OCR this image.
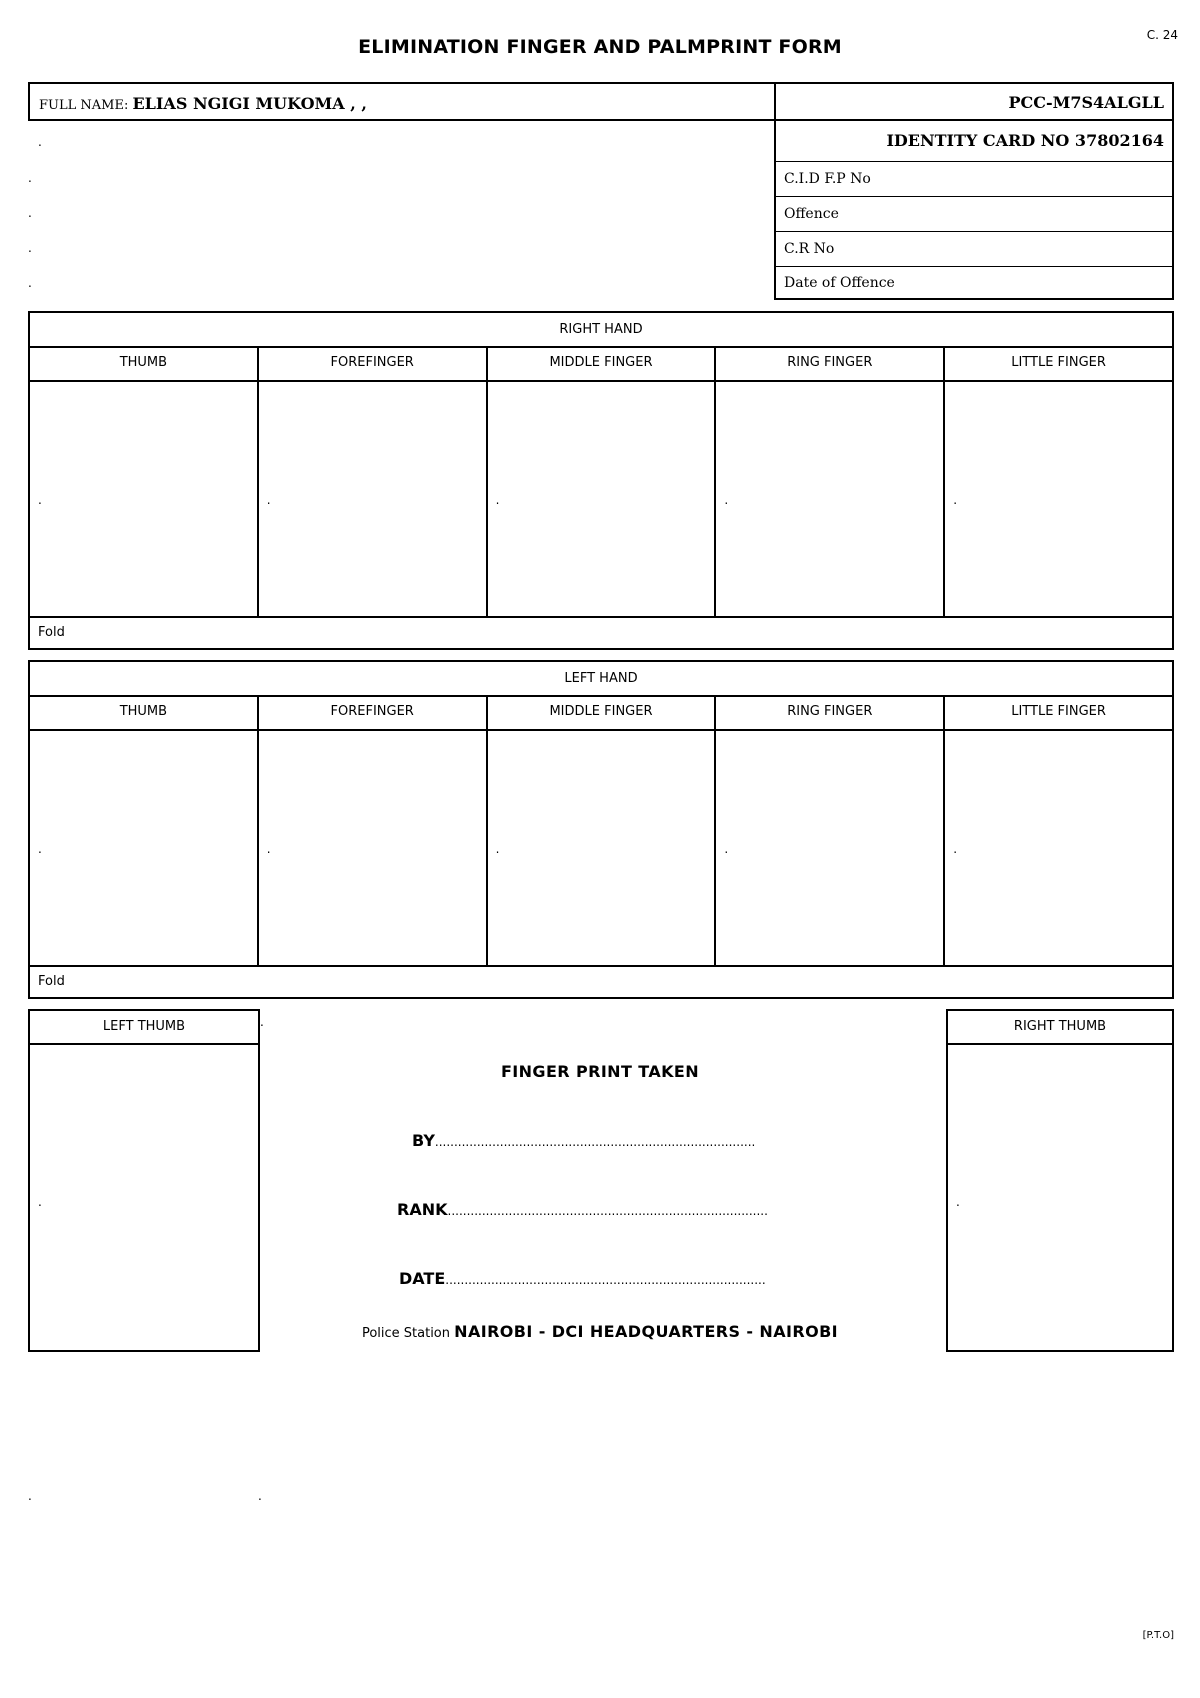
C. 24
ELIMINATION FINGER AND PALMPRINT FORM
FULL NAME: ELIAS NGIGI MUKOMA , ,	PCC-M7S4ALGLL
.
.
.
.
.
IDENTITY CARD NO 37802164
C.I.D F.P No
Offence
C.R No
Date of Offence
RIGHT HAND
THUMB	FOREFINGER	MIDDLE FINGER	RING FINGER	LITTLE FINGER
.	.	.	.	.
Fold
LEFT HAND
THUMB	FOREFINGER	MIDDLE FINGER	RING FINGER	LITTLE FINGER
.	.	.	.	.
Fold
LEFT THUMB
.
.	RIGHT THUMB
.
FINGER PRINT TAKEN
BY....................................................................................
RANK....................................................................................
DATE....................................................................................
Police Station NAIROBI - DCI HEADQUARTERS - NAIROBI
.	.
[P.T.O]
